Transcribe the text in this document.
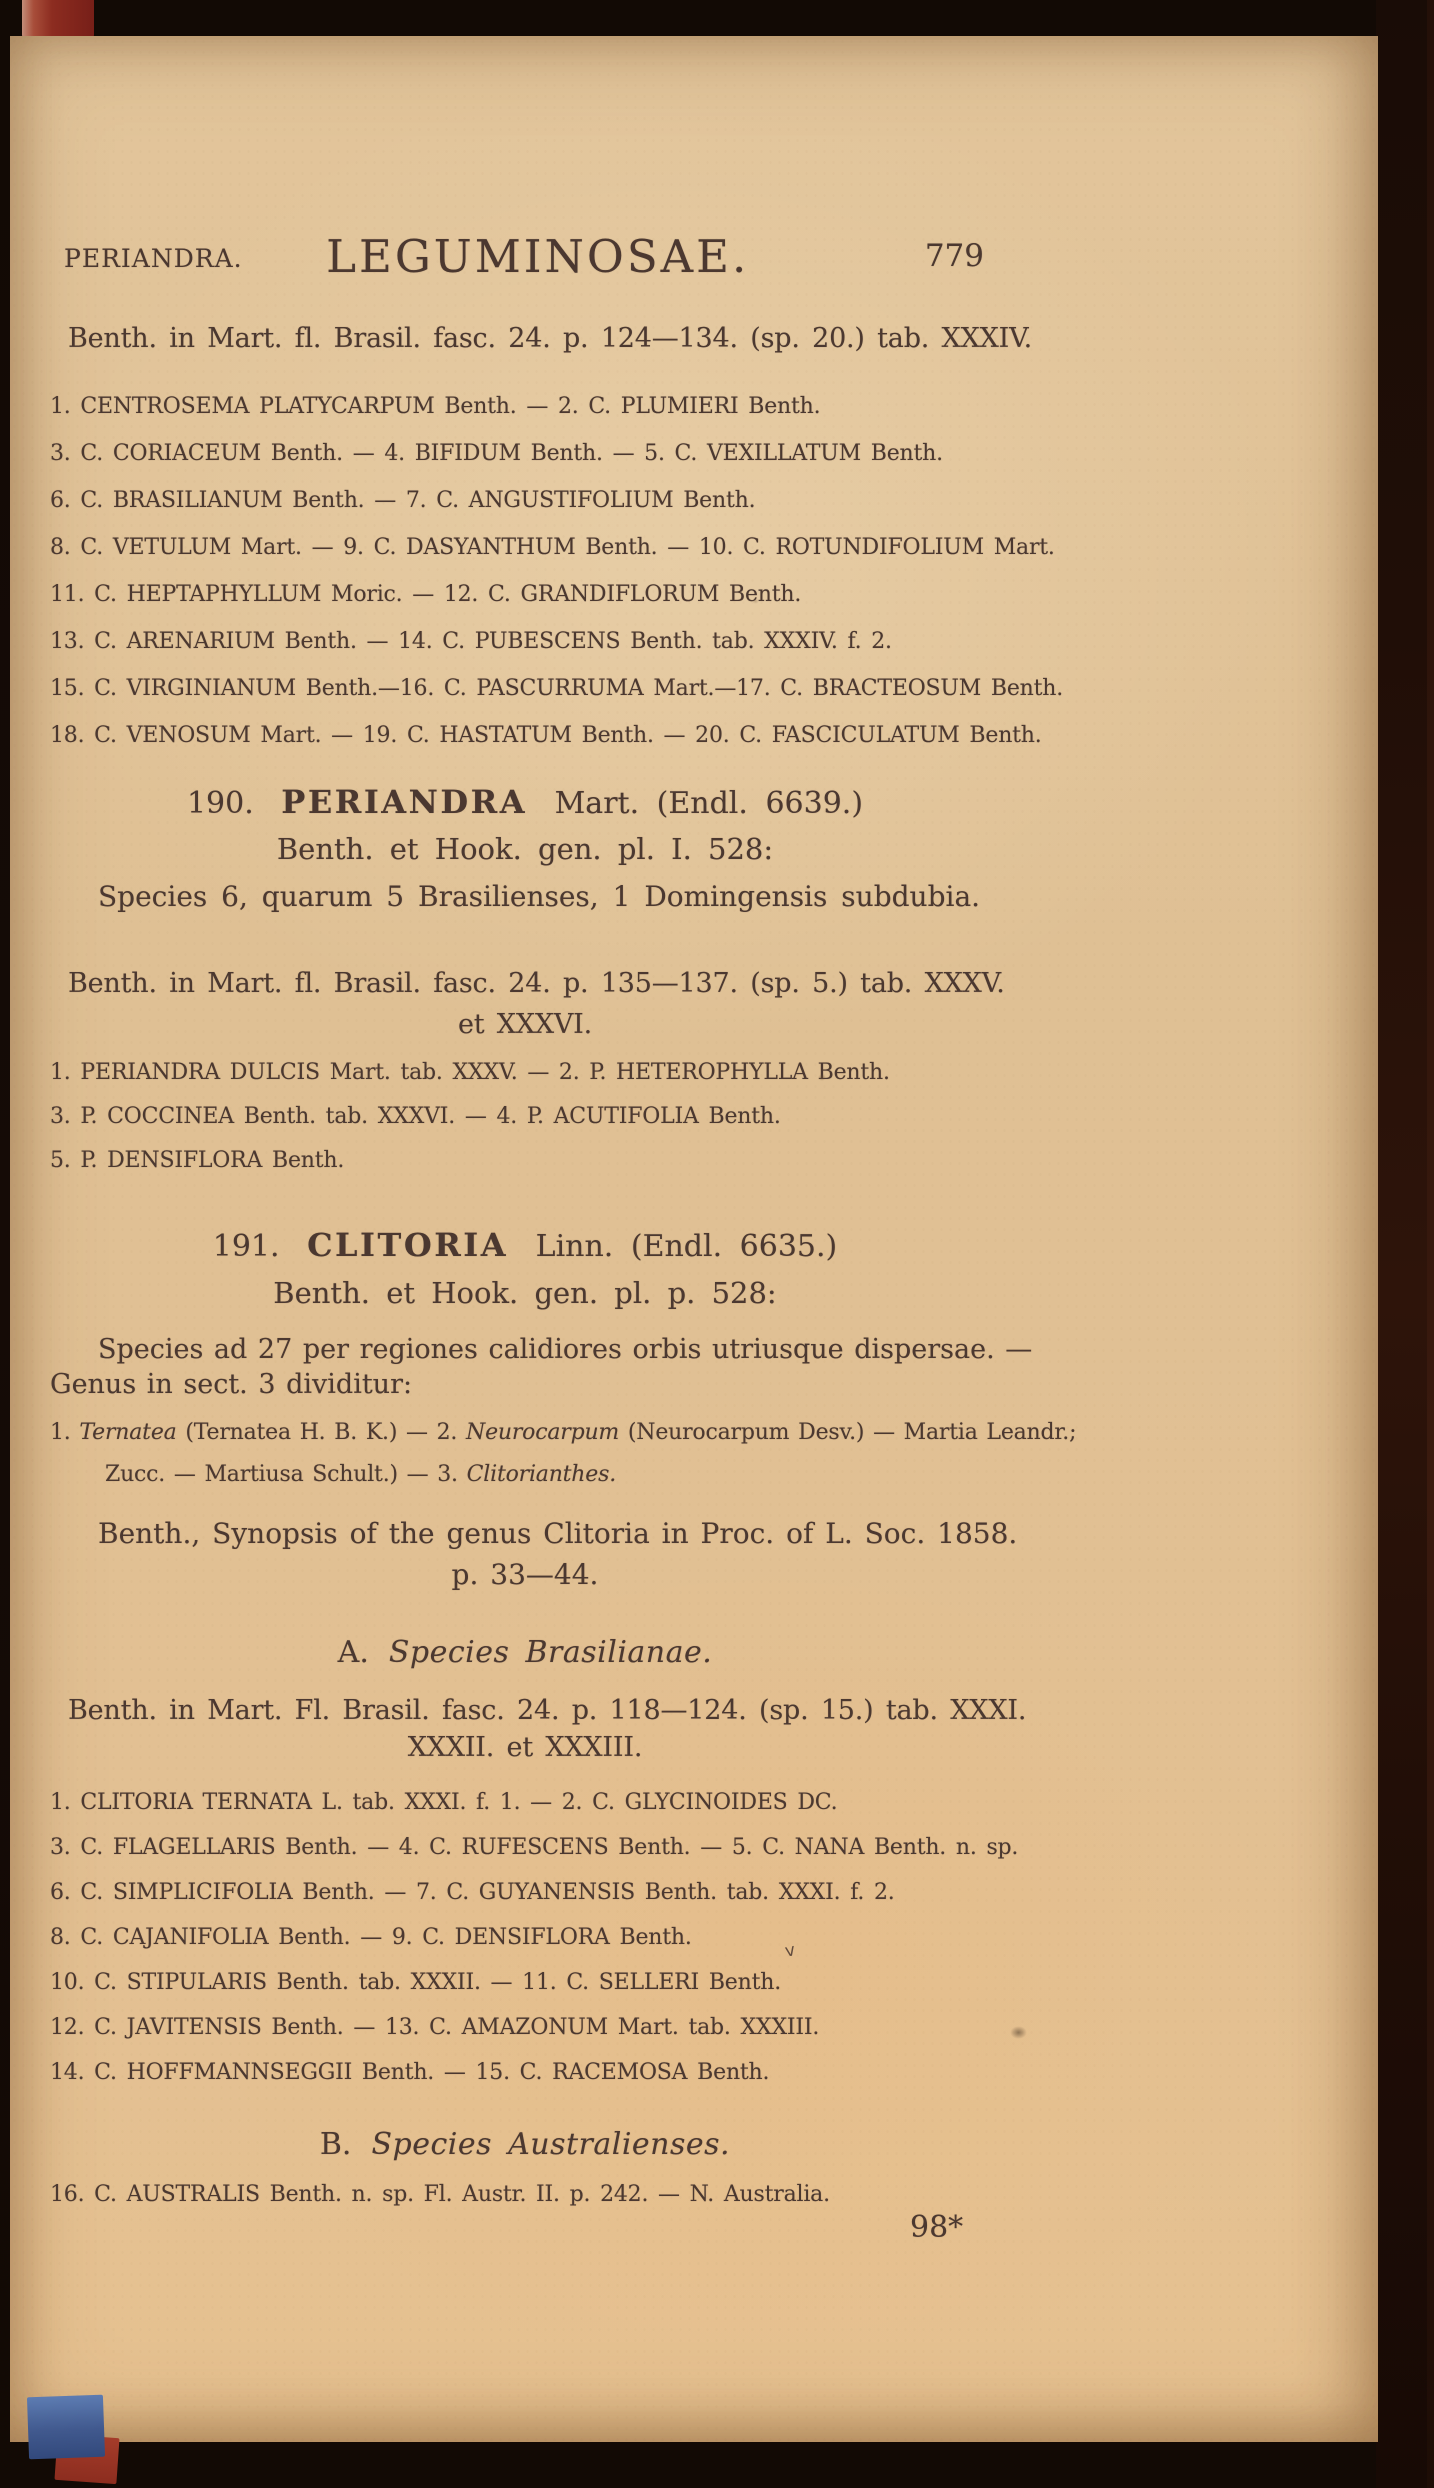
PERIANDRA. LEGUMINOSAE.	779
Benth. in Mart. fl. Brasil. fasc. 24. p. 124—134. (sp. 20.) tab. XXXIV.
1. CENTROSEMA PLATYCARPUM Benth. — 2. C. PLUMIERI Benth.
3. C. CORIACEUM Benth. — 4. BIFIDUM Benth. — 5. C. VEXILLATUM Benth.
6. C. BRASILIANUM Benth. — 7. C. ANGUSTIFOLIUM Benth.
8. C. VETULUM Mart. — 9. C. DASYANTHUM Benth. — 10. C. ROTUNDIFOLIUM Mart.
11. C. HEPTAPHYLLUM Moric. — 12. C. GRANDIFLORUM Benth.
13. C. ARENARIUM Benth. — 14. C. PUBESCENS Benth. tab. XXXIV. f. 2.
15. C. VIRGINIANUM Benth.—16. C. PASCURRUMA Mart.—17. C. BRACTEOSUM Benth.
18. C. VENOSUM Mart. — 19. C. HASTATUM Benth. — 20. C. FASCICULATUM Benth.
190. PERIANDRA Mart. (Endl. 6639.)
Benth. et Hook. gen. pl. I. 528:
Species 6, quarum 5 Brasilienses, 1 Domingensis subdubia.
Benth. in Mart. fl. Brasil. fasc. 24. p. 135—137. (sp. 5.) tab. XXXV.
et XXXVI.
1. PERIANDRA DULCIS Mart. tab. XXXV. — 2. P. HETEROPHYLLA Benth.
3. P. COCCINEA Benth. tab. XXXVI. — 4. P. ACUTIFOLIA Benth.
5. P. DENSIFLORA Benth.
191. CLITORIA Linn. (Endl. 6635.)
Benth. et Hook. gen. pl. p. 528:
Species ad 27 per regiones calidiores orbis utriusque dispersae. —
Genus in sect. 3 dividitur:
1. Ternatea (Ternatea H. B. K.) — 2. Neurocarpum (Neurocarpum Desv.) — Martia Leandr.;
Zucc. — Martiusa Schult.) — 3. Clitorianthes.
Benth., Synopsis of the genus Clitoria in Proc. of L. Soc. 1858.
p. 33—44.
A. Species Brasilianae.
Benth. in Mart. Fl. Brasil. fasc. 24. p. 118—124. (sp. 15.) tab. XXXI.
XXXII. et XXXIII.
1. CLITORIA TERNATA L. tab. XXXI. f. 1. — 2. C. GLYCINOIDES DC.
3. C. FLAGELLARIS Benth. — 4. C. RUFESCENS Benth. — 5. C. NANA Benth. n. sp.
6. C. SIMPLICIFOLIA Benth. — 7. C. GUYANENSIS Benth. tab. XXXI. f. 2.
8. C. CAJANIFOLIA Benth. — 9. C. DENSIFLORA Benth.
10. C. STIPULARIS Benth. tab. XXXII. — 11. C. SELLERI Benth.
12. C. JAVITENSIS Benth. — 13. C. AMAZONUM Mart. tab. XXXIII.
14. C. HOFFMANNSEGGII Benth. — 15. C. RACEMOSA Benth.
B. Species Australienses.
16. C. AUSTRALIS Benth. n. sp. Fl. Austr. II. p. 242. — N. Australia.
98*
v
